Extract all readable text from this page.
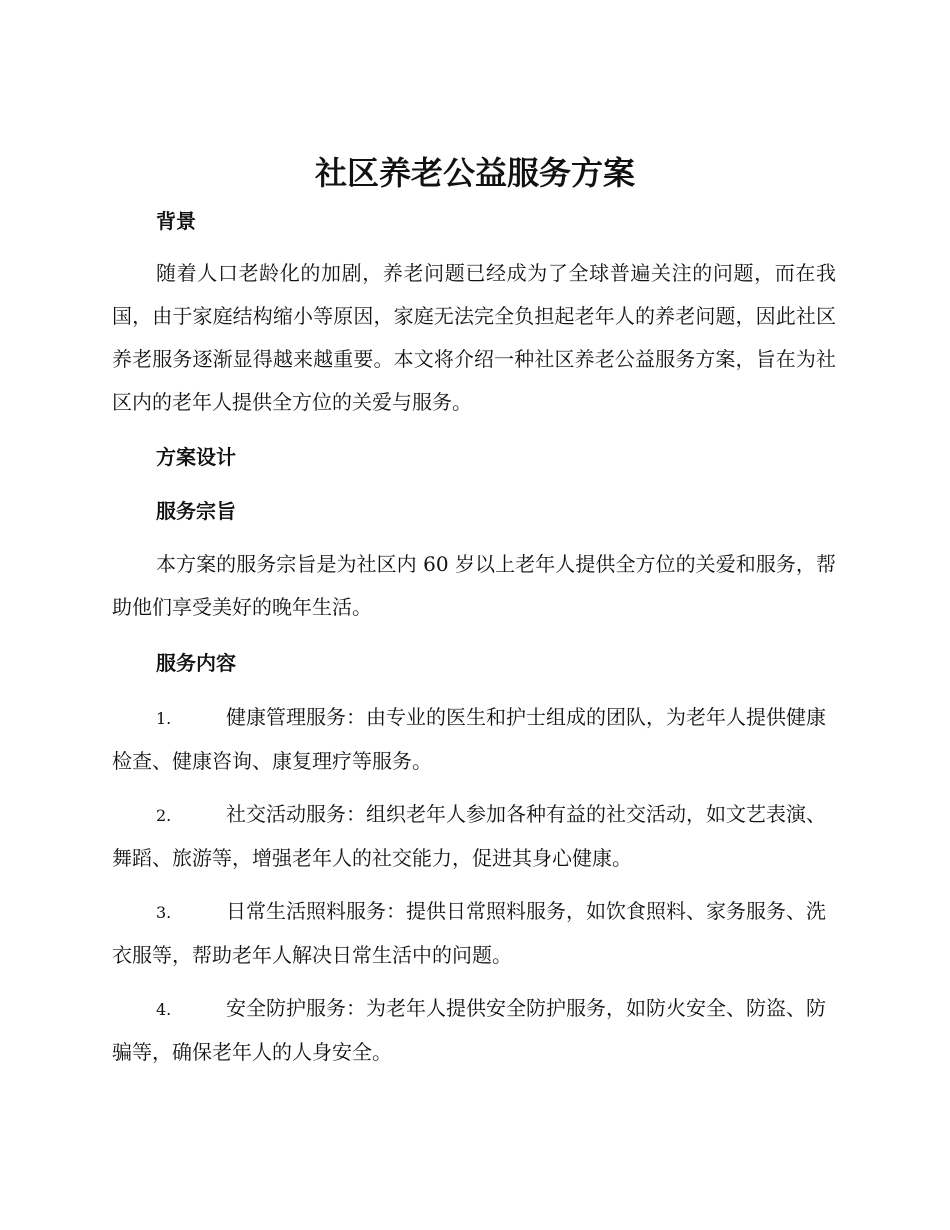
社区养老公益服务方案
背景

随着人口老龄化的加剧，养老问题已经成为了全球普遍关注的问题，而在我国，由于家庭结构缩小等原因，家庭无法完全负担起老年人的养老问题，因此社区养老服务逐渐显得越来越重要。本文将介绍一种社区养老公益服务方案，旨在为社区内的老年人提供全方位的关爱与服务。

方案设计
服务宗旨

本方案的服务宗旨是为社区内 60 岁以上老年人提供全方位的关爱和服务，帮助他们享受美好的晚年生活。

服务内容

1.	健康管理服务：由专业的医生和护士组成的团队，为老年人提供健康检查、健康咨询、康复理疗等服务。

2.	社交活动服务：组织老年人参加各种有益的社交活动，如文艺表演、舞蹈、旅游等，增强老年人的社交能力，促进其身心健康。

3.	日常生活照料服务：提供日常照料服务，如饮食照料、家务服务、洗衣服等，帮助老年人解决日常生活中的问题。

4.	安全防护服务：为老年人提供安全防护服务，如防火安全、防盗、防骗等，确保老年人的人身安全。
